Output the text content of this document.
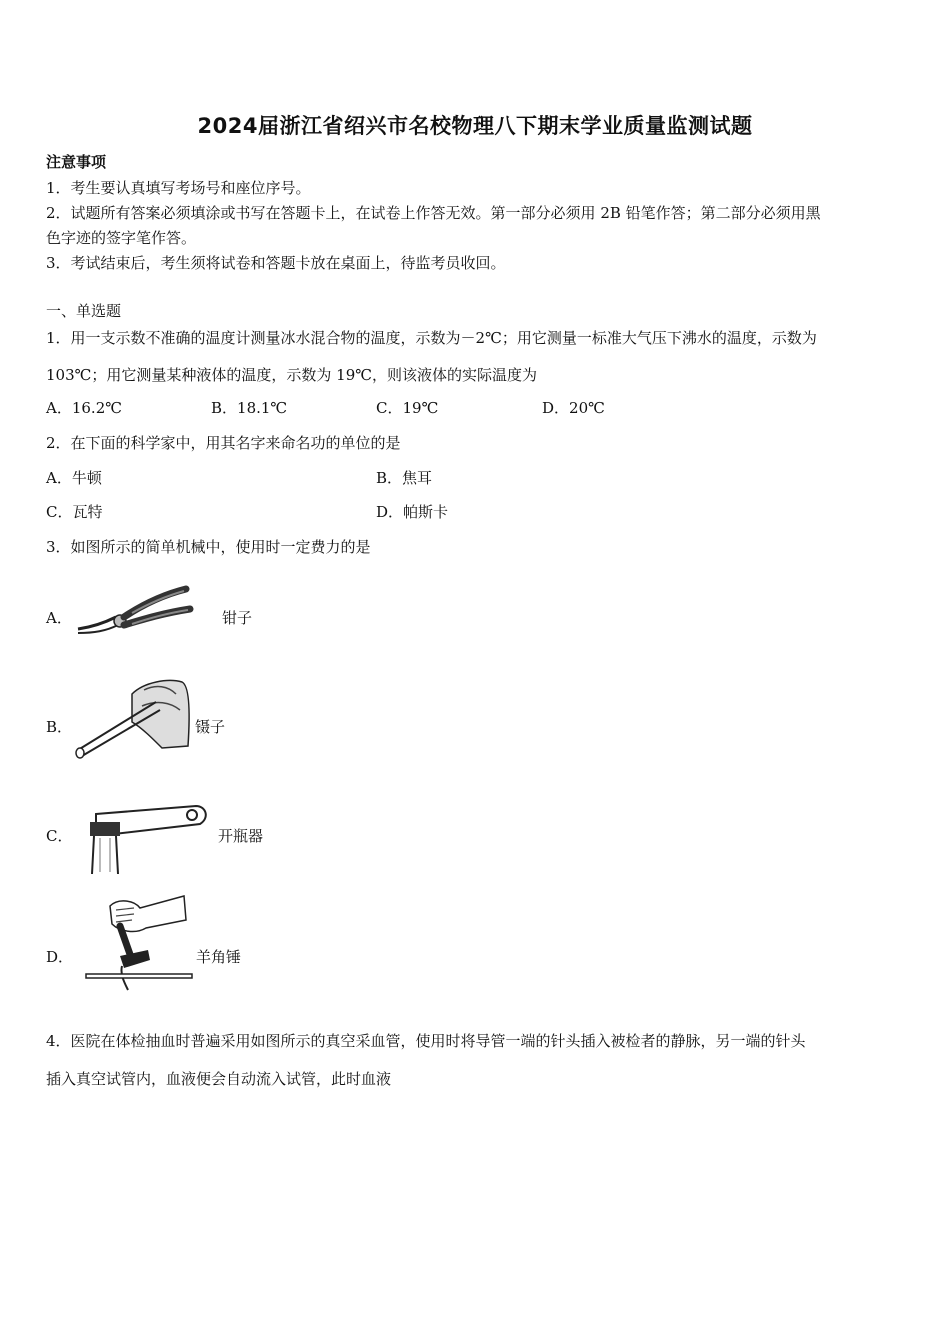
2024届浙江省绍兴市名校物理八下期末学业质量监测试题
注意事项
1．考生要认真填写考场号和座位序号。
2．试题所有答案必须填涂或书写在答题卡上，在试卷上作答无效。第一部分必须用 2B 铅笔作答；第二部分必须用黑
色字迹的签字笔作答。
3．考试结束后，考生须将试卷和答题卡放在桌面上，待监考员收回。
一、单选题
1．用一支示数不准确的温度计测量冰水混合物的温度，示数为－2℃；用它测量一标准大气压下沸水的温度，示数为
103℃；用它测量某种液体的温度，示数为 19℃，则该液体的实际温度为
A．16.2℃	B．18.1℃	C．19℃	D．20℃
2．在下面的科学家中，用其名字来命名功的单位的是
A．牛顿	B．焦耳
C．瓦特	D．帕斯卡
3．如图所示的简单机械中，使用时一定费力的是
A．	钳子
B．	镊子
C．	开瓶器
D．	羊角锤
4．医院在体检抽血时普遍采用如图所示的真空采血管，使用时将导管一端的针头插入被检者的静脉，另一端的针头
插入真空试管内，血液便会自动流入试管，此时血液
